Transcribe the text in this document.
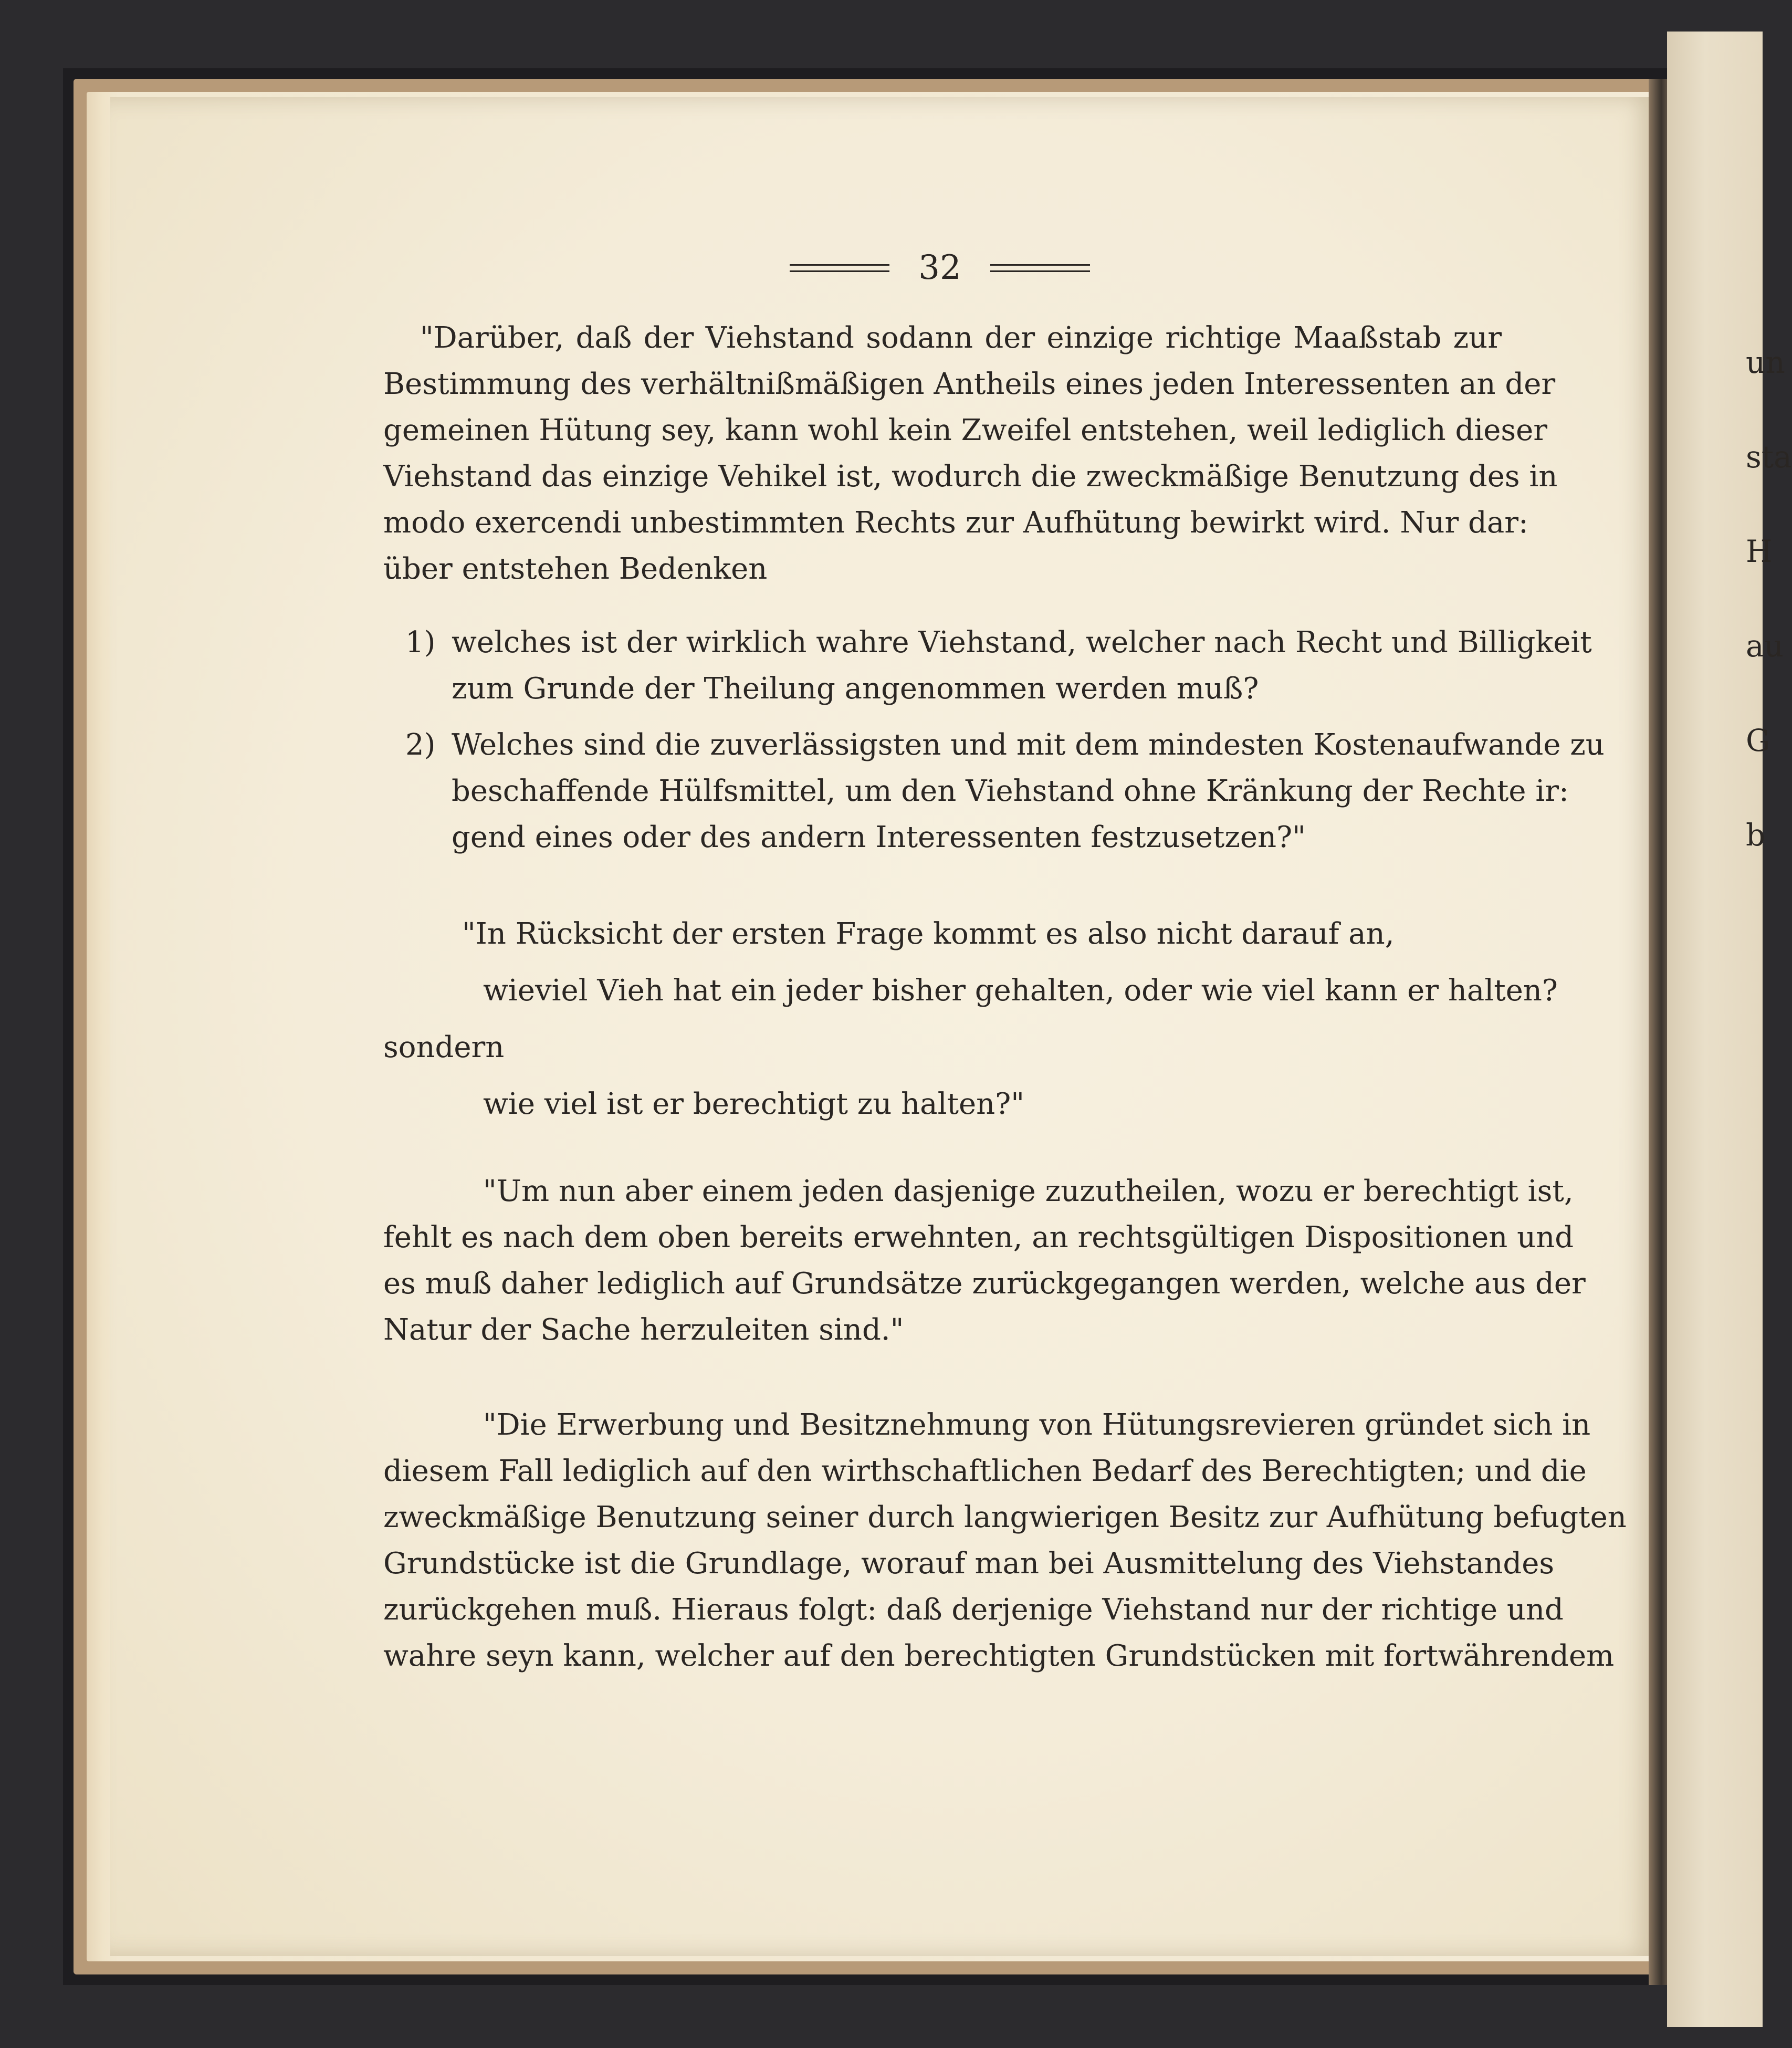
un
sta
H
au
G
b
32
"Darüber, daß der Viehstand sodann der einzige richtige Maaßstab zur
Bestimmung des verhältnißmäßigen Antheils eines jeden Interessenten an der
gemeinen Hütung sey, kann wohl kein Zweifel entstehen, weil lediglich dieser
Viehstand das einzige Vehikel ist, wodurch die zweckmäßige Benutzung des in
modo exercendi unbestimmten Rechts zur Aufhütung bewirkt wird. Nur dar:
über entstehen Bedenken
1) welches ist der wirklich wahre Viehstand, welcher nach Recht und Billigkeit
zum Grunde der Theilung angenommen werden muß?
2) Welches sind die zuverlässigsten und mit dem mindesten Kostenaufwande zu
beschaffende Hülfsmittel, um den Viehstand ohne Kränkung der Rechte ir:
gend eines oder des andern Interessenten festzusetzen?"
"In Rücksicht der ersten Frage kommt es also nicht darauf an,
wieviel Vieh hat ein jeder bisher gehalten, oder wie viel kann er halten?
sondern
wie viel ist er berechtigt zu halten?"
"Um nun aber einem jeden dasjenige zuzutheilen, wozu er berechtigt ist,
fehlt es nach dem oben bereits erwehnten, an rechtsgültigen Dispositionen und
es muß daher lediglich auf Grundsätze zurückgegangen werden, welche aus der
Natur der Sache herzuleiten sind."
"Die Erwerbung und Besitznehmung von Hütungsrevieren gründet sich in
diesem Fall lediglich auf den wirthschaftlichen Bedarf des Berechtigten; und die
zweckmäßige Benutzung seiner durch langwierigen Besitz zur Aufhütung befugten
Grundstücke ist die Grundlage, worauf man bei Ausmittelung des Viehstandes
zurückgehen muß. Hieraus folgt: daß derjenige Viehstand nur der richtige und
wahre seyn kann, welcher auf den berechtigten Grundstücken mit fortwährendem
